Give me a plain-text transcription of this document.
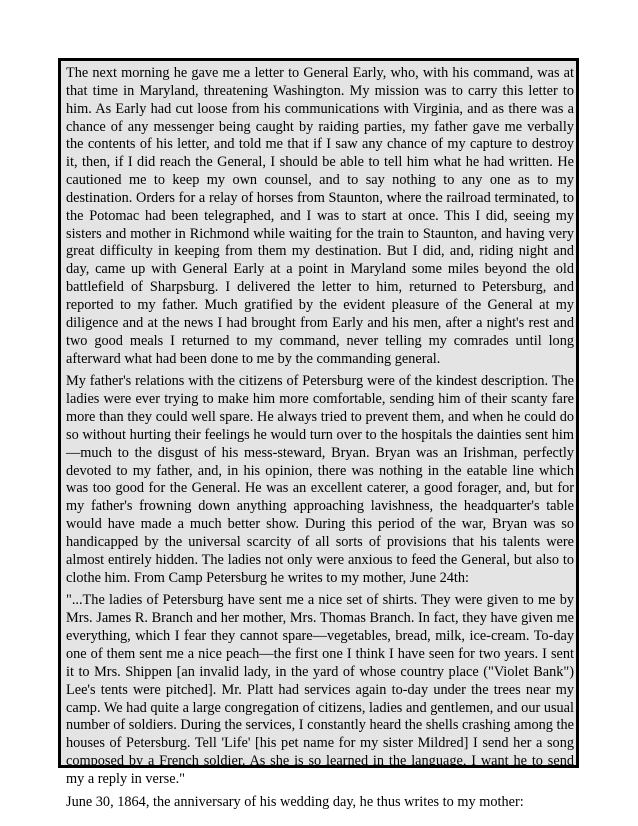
The next morning he gave me a letter to General Early, who, with his command, was at that time in Maryland, threatening Washington. My mission was to carry this letter to him. As Early had cut loose from his communications with Virginia, and as there was a chance of any messenger being caught by raiding parties, my father gave me verbally the contents of his letter, and told me that if I saw any chance of my capture to destroy it, then, if I did reach the General, I should be able to tell him what he had written. He cautioned me to keep my own counsel, and to say nothing to any one as to my destination. Orders for a relay of horses from Staunton, where the railroad terminated, to the Potomac had been telegraphed, and I was to start at once. This I did, seeing my sisters and mother in Richmond while waiting for the train to Staunton, and having very great difficulty in keeping from them my destination. But I did, and, riding night and day, came up with General Early at a point in Maryland some miles beyond the old battlefield of Sharpsburg. I delivered the letter to him, returned to Petersburg, and reported to my father. Much gratified by the evident pleasure of the General at my diligence and at the news I had brought from Early and his men, after a night's rest and two good meals I returned to my command, never telling my comrades until long afterward what had been done to me by the commanding general.

My father's relations with the citizens of Petersburg were of the kindest description. The ladies were ever trying to make him more comfortable, sending him of their scanty fare more than they could well spare. He always tried to prevent them, and when he could do so without hurting their feelings he would turn over to the hospitals the dainties sent him—much to the disgust of his mess-steward, Bryan. Bryan was an Irishman, perfectly devoted to my father, and, in his opinion, there was nothing in the eatable line which was too good for the General. He was an excellent caterer, a good forager, and, but for my father's frowning down anything approaching lavishness, the headquarter's table would have made a much better show. During this period of the war, Bryan was so handicapped by the universal scarcity of all sorts of provisions that his talents were almost entirely hidden. The ladies not only were anxious to feed the General, but also to clothe him. From Camp Petersburg he writes to my mother, June 24th:

"...The ladies of Petersburg have sent me a nice set of shirts. They were given to me by Mrs. James R. Branch and her mother, Mrs. Thomas Branch. In fact, they have given me everything, which I fear they cannot spare—vegetables, bread, milk, ice-cream. To-day one of them sent me a nice peach—the first one I think I have seen for two years. I sent it to Mrs. Shippen [an invalid lady, in the yard of whose country place ("Violet Bank") Lee's tents were pitched]. Mr. Platt had services again to-day under the trees near my camp. We had quite a large congregation of citizens, ladies and gentlemen, and our usual number of soldiers. During the services, I constantly heard the shells crashing among the houses of Petersburg. Tell 'Life' [his pet name for my sister Mildred] I send her a song composed by a French soldier. As she is so learned in the language, I want he to send my a reply in verse."

June 30, 1864, the anniversary of his wedding day, he thus writes to my mother:
